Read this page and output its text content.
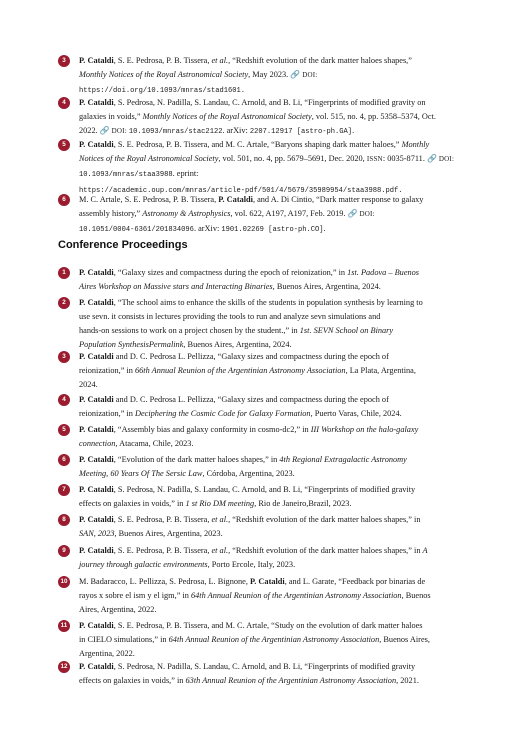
Conference Proceedings
3	P. Cataldi, S. E. Pedrosa, P. B. Tissera, et al., “Redshift evolution of the dark matter haloes shapes,”
Monthly Notices of the Royal Astronomical Society, May 2023. 🔗 DOI:
https://doi.org/10.1093/mnras/stad1601.
4	P. Cataldi, S. Pedrosa, N. Padilla, S. Landau, C. Arnold, and B. Li, “Fingerprints of modified gravity on
galaxies in voids,” Monthly Notices of the Royal Astronomical Society, vol. 515, no. 4, pp. 5358–5374, Oct.
2022. 🔗 DOI: 10.1093/mnras/stac2122. arXiv: 2207.12917 [astro-ph.GA].
5	P. Cataldi, S. E. Pedrosa, P. B. Tissera, and M. C. Artale, “Baryons shaping dark matter haloes,” Monthly
Notices of the Royal Astronomical Society, vol. 501, no. 4, pp. 5679–5691, Dec. 2020, ISSN: 0035-8711. 🔗 DOI:
10.1093/mnras/staa3988. eprint:
https://academic.oup.com/mnras/article-pdf/501/4/5679/35989954/staa3988.pdf.
6	M. C. Artale, S. E. Pedrosa, P. B. Tissera, P. Cataldi, and A. Di Cintio, “Dark matter response to galaxy
assembly history,” Astronomy & Astrophysics, vol. 622, A197, A197, Feb. 2019. 🔗 DOI:
10.1051/0004-6361/201834096. arXiv: 1901.02269 [astro-ph.CO].
1	P. Cataldi, “Galaxy sizes and compactness during the epoch of reionization,” in 1st. Padova – Buenos
Aires Workshop on Massive stars and Interacting Binaries, Buenos Aires, Argentina, 2024.
2	P. Cataldi, “The school aims to enhance the skills of the students in population synthesis by learning to
use sevn. it consists in lectures providing the tools to run and analyze sevn simulations and
hands-on sessions to work on a project chosen by the student.,” in 1st. SEVN School on Binary
Population SynthesisPermalink, Buenos Aires, Argentina, 2024.
3	P. Cataldi and D. C. Pedrosa L. Pellizza, “Galaxy sizes and compactness during the epoch of
reionization,” in 66th Annual Reunion of the Argentinian Astronomy Association, La Plata, Argentina,
2024.
4	P. Cataldi and D. C. Pedrosa L. Pellizza, “Galaxy sizes and compactness during the epoch of
reionization,” in Deciphering the Cosmic Code for Galaxy Formation, Puerto Varas, Chile, 2024.
5	P. Cataldi, “Assembly bias and galaxy conformity in cosmo-dc2,” in III Workshop on the halo-galaxy
connection, Atacama, Chile, 2023.
6	P. Cataldi, “Evolution of the dark matter haloes shapes,” in 4th Regional Extragalactic Astronomy
Meeting, 60 Years Of The Sersic Law, Córdoba, Argentina, 2023.
7	P. Cataldi, S. Pedrosa, N. Padilla, S. Landau, C. Arnold, and B. Li, “Fingerprints of modified gravity
effects on galaxies in voids,” in 1 st Rio DM meeting, Rio de Janeiro,Brazil, 2023.
8	P. Cataldi, S. E. Pedrosa, P. B. Tissera, et al., “Redshift evolution of the dark matter haloes shapes,” in
SAN, 2023, Buenos Aires, Argentina, 2023.
9	P. Cataldi, S. E. Pedrosa, P. B. Tissera, et al., “Redshift evolution of the dark matter haloes shapes,” in A
journey through galactic environments, Porto Ercole, Italy, 2023.
10	M. Badaracco, L. Pellizza, S. Pedrosa, L. Bignone, P. Cataldi, and L. Garate, “Feedback por binarias de
rayos x sobre el ism y el igm,” in 64th Annual Reunion of the Argentinian Astronomy Association, Buenos
Aires, Argentina, 2022.
11	P. Cataldi, S. E. Pedrosa, P. B. Tissera, and M. C. Artale, “Study on the evolution of dark matter haloes
in CIELO simulations,” in 64th Annual Reunion of the Argentinian Astronomy Association, Buenos Aires,
Argentina, 2022.
12	P. Cataldi, S. Pedrosa, N. Padilla, S. Landau, C. Arnold, and B. Li, “Fingerprints of modified gravity
effects on galaxies in voids,” in 63th Annual Reunion of the Argentinian Astronomy Association, 2021.
